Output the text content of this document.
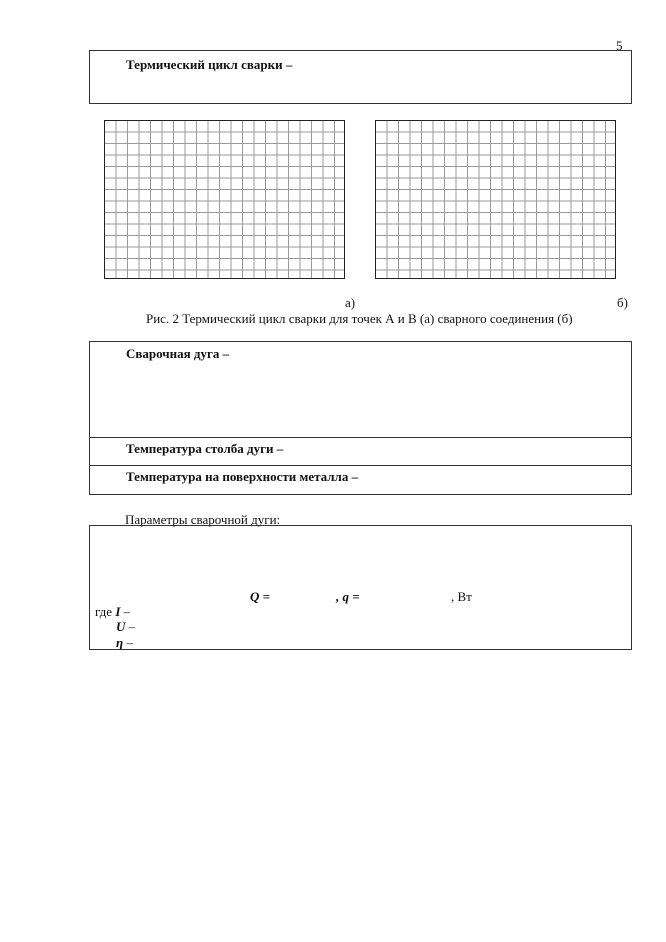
5
Термический цикл сварки –
а)	б)
Рис. 2 Термический цикл сварки для точек А и В (а) сварного соединения (б)
Сварочная дуга –
Температура столба дуги –
Температура на поверхности металла –
Параметры сварочной дуги:
Q =	, q =	, Вт
где I –
U –
η –
